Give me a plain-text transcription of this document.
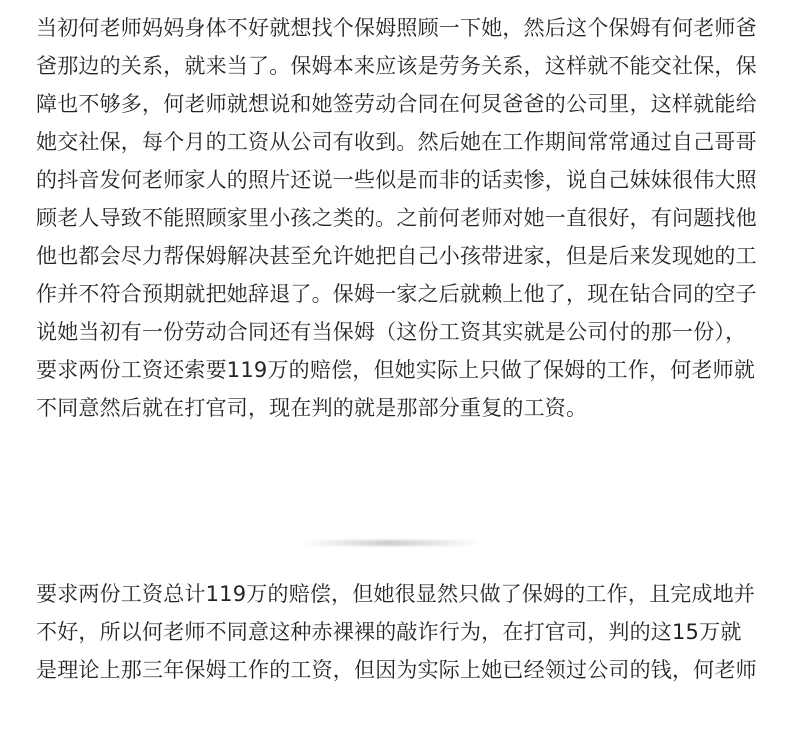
当初何老师妈妈身体不好就想找个保姆照顾一下她，然后这个保姆有何老师爸
爸那边的关系，就来当了。保姆本来应该是劳务关系，这样就不能交社保，保
障也不够多，何老师就想说和她签劳动合同在何炅爸爸的公司里，这样就能给
她交社保，每个月的工资从公司有收到。然后她在工作期间常常通过自己哥哥
的抖音发何老师家人的照片还说一些似是而非的话卖惨，说自己妹妹很伟大照
顾老人导致不能照顾家里小孩之类的。之前何老师对她一直很好，有问题找他
他也都会尽力帮保姆解决甚至允许她把自己小孩带进家，但是后来发现她的工
作并不符合预期就把她辞退了。保姆一家之后就赖上他了，现在钻合同的空子
说她当初有一份劳动合同还有当保姆（这份工资其实就是公司付的那一份），
要求两份工资还索要119万的赔偿，但她实际上只做了保姆的工作，何老师就
不同意然后就在打官司，现在判的就是那部分重复的工资。
要求两份工资总计119万的赔偿，但她很显然只做了保姆的工作，且完成地并
不好，所以何老师不同意这种赤裸裸的敲诈行为，在打官司，判的这15万就
是理论上那三年保姆工作的工资，但因为实际上她已经领过公司的钱，何老师
